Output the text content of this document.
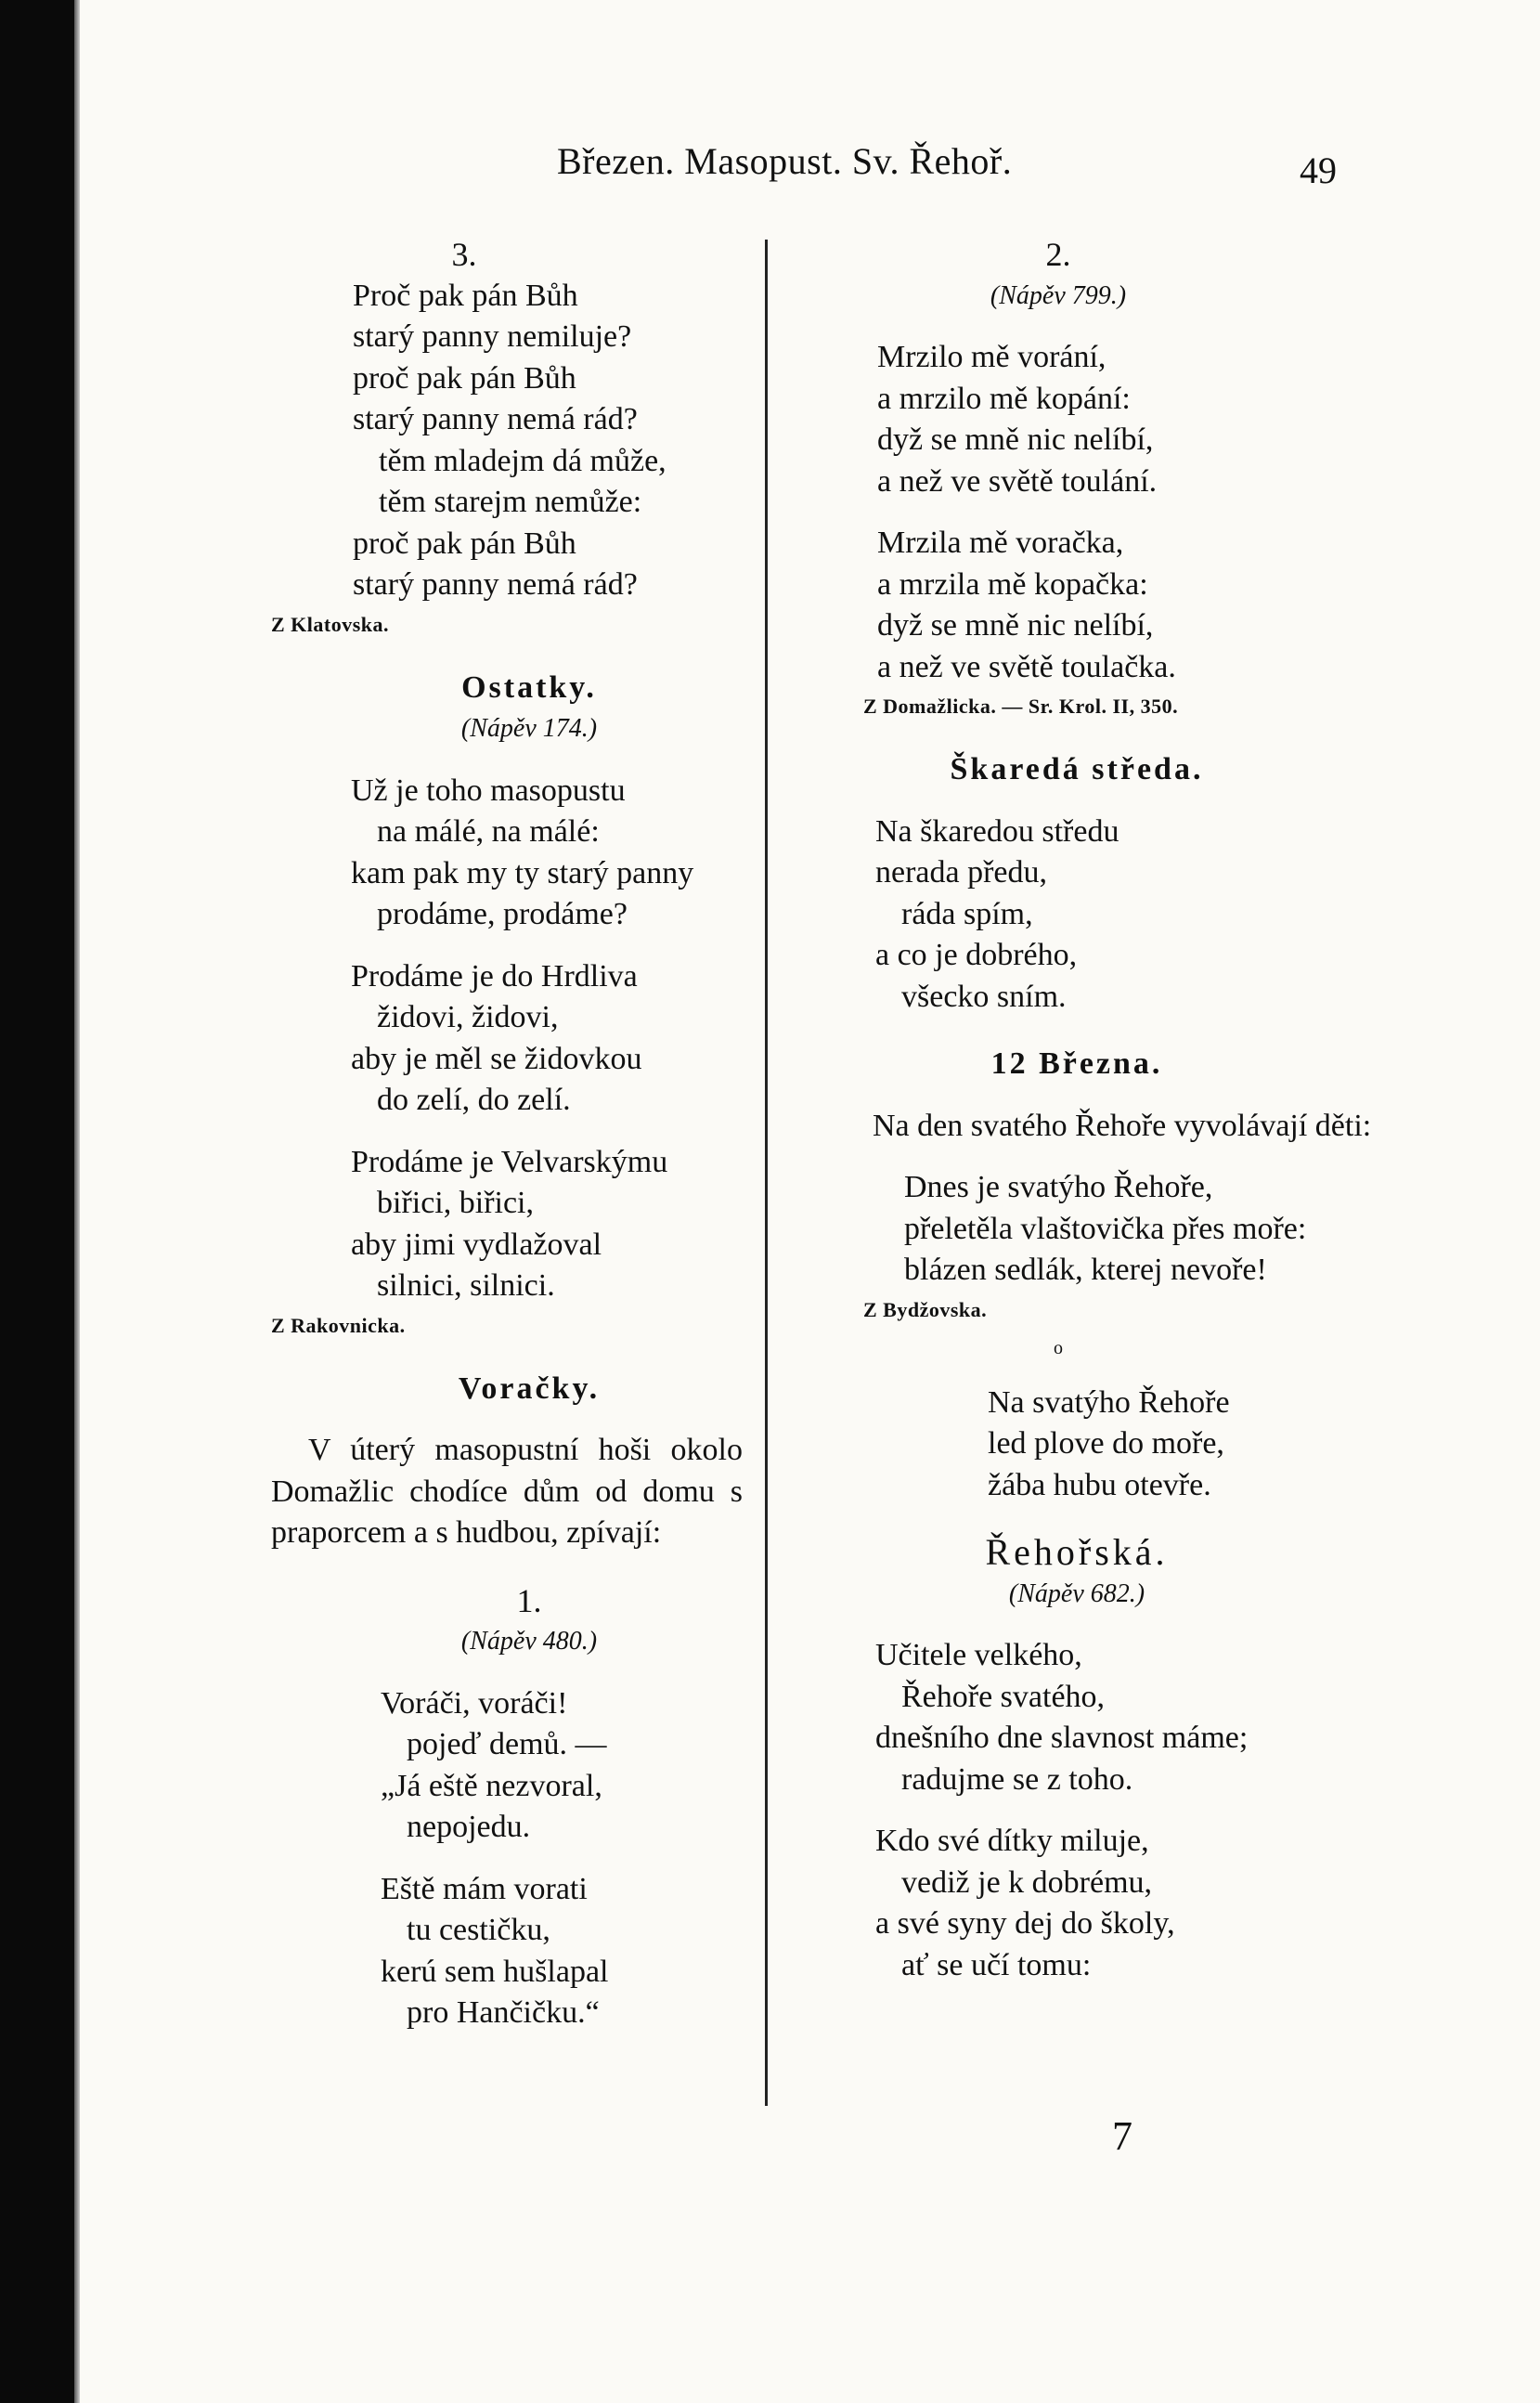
Březen. Masopust. Sv. Řehoř.	49
3.
Proč pak pán Bůh
starý panny nemiluje?
proč pak pán Bůh
starý panny nemá rád?
těm mladejm dá může,
těm starejm nemůže:
proč pak pán Bůh
starý panny nemá rád?
Z Klatovska.
Ostatky.
(Nápěv 174.)
Už je toho masopustu
na málé, na málé:
kam pak my ty starý panny
prodáme, prodáme?
Prodáme je do Hrdliva
židovi, židovi,
aby je měl se židovkou
do zelí, do zelí.
Prodáme je Velvarskýmu
biřici, biřici,
aby jimi vydlažoval
silnici, silnici.
Z Rakovnicka.
Voračky.
V úterý masopustní hoši okolo Domažlic chodíce dům od domu s praporcem a s hudbou, zpívají:
1.
(Nápěv 480.)
Voráči, voráči!
pojeď demů. —
„Já eště nezvoral,
nepojedu.
Eště mám vorati
tu cestičku,
kerú sem hušlapal
pro Hančičku.“
2.
(Nápěv 799.)
Mrzilo mě vorání,
a mrzilo mě kopání:
dyž se mně nic nelíbí,
a než ve světě toulání.
Mrzila mě voračka,
a mrzila mě kopačka:
dyž se mně nic nelíbí,
a než ve světě toulačka.
Z Domažlicka. — Sr. Krol. II, 350.
Škaredá středa.
Na škaredou středu
nerada předu,
ráda spím,
a co je dobrého,
všecko sním.
12 Března.
Na den svatého Řehoře vyvolávají děti:
Dnes je svatýho Řehoře,
přeletěla vlaštovička přes moře:
blázen sedlák, kterej nevoře!
Z Bydžovska.
o
Na svatýho Řehoře
led plove do moře,
žába hubu otevře.
Řehořská.
(Nápěv 682.)
Učitele velkého,
Řehoře svatého,
dnešního dne slavnost máme;
radujme se z toho.
Kdo své dítky miluje,
vediž je k dobrému,
a své syny dej do školy,
ať se učí tomu:
7
